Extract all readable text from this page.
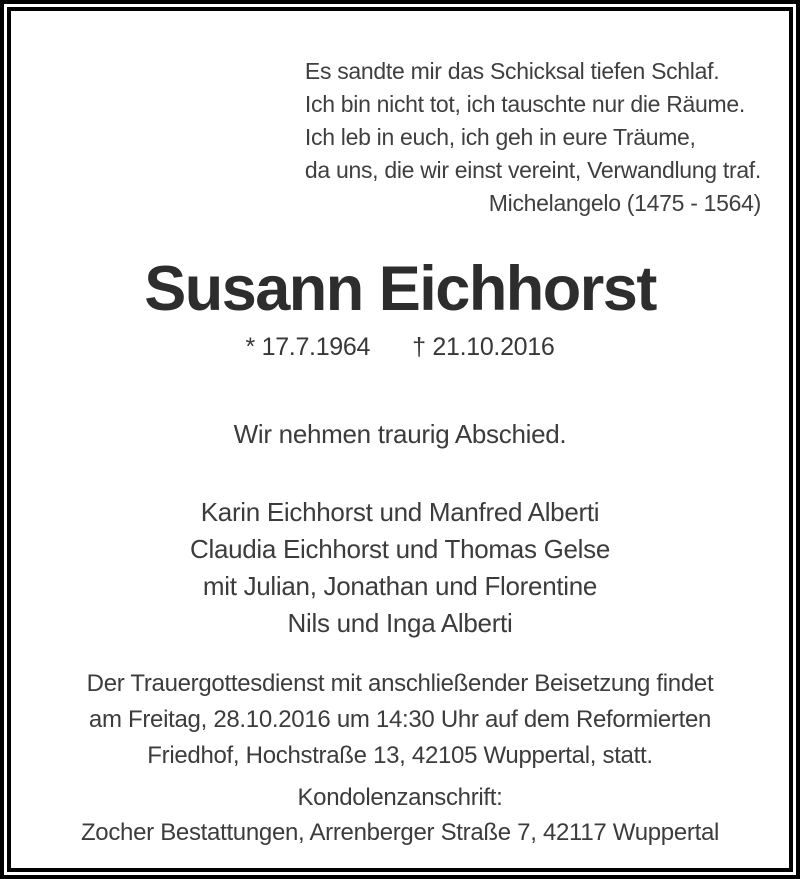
Es sandte mir das Schicksal tiefen Schlaf.
Ich bin nicht tot, ich tauschte nur die Räume.
Ich leb in euch, ich geh in eure Träume,
da uns, die wir einst vereint, Verwandlung traf.
Michelangelo (1475 - 1564)
Susann Eichhorst
* 17.7.1964 † 21.10.2016
Wir nehmen traurig Abschied.
Karin Eichhorst und Manfred Alberti
Claudia Eichhorst und Thomas Gelse
mit Julian, Jonathan und Florentine
Nils und Inga Alberti
Der Trauergottesdienst mit anschließender Beisetzung findet
am Freitag, 28.10.2016 um 14:30 Uhr auf dem Reformierten
Friedhof, Hochstraße 13, 42105 Wuppertal, statt.
Kondolenzanschrift:
Zocher Bestattungen, Arrenberger Straße 7, 42117 Wuppertal
